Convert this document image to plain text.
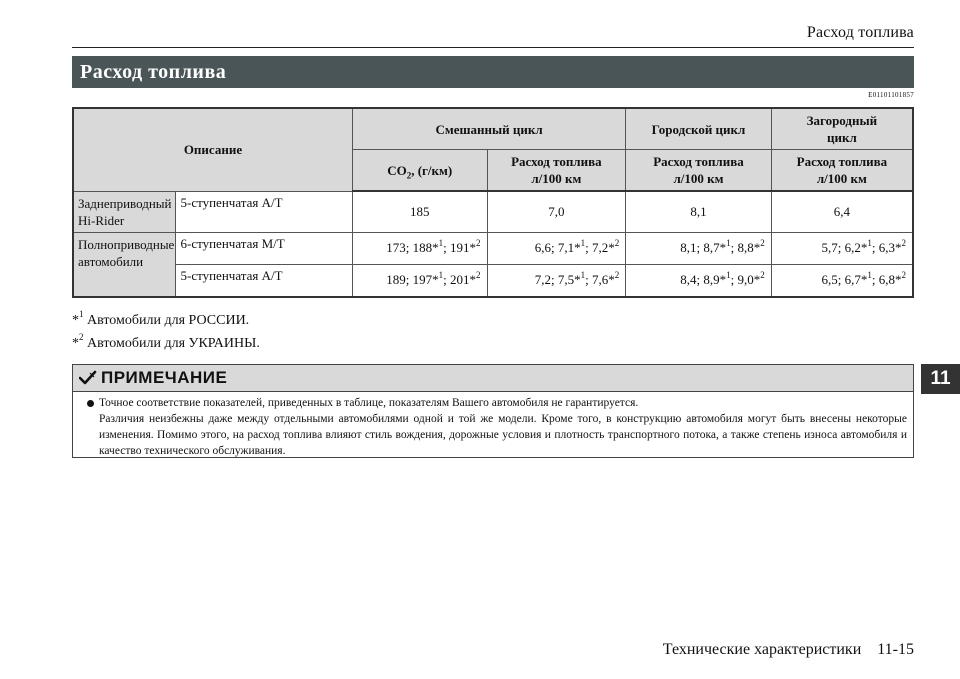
Расход топлива
Расход топлива
E01101101857
Описание		Смешанный цикл		Городской цикл	Загородный цикл
		$CO_2$, (г/км)	Расход топлива л/100 км	Расход топлива л/100 км	Расход топлива л/100 км
Заднеприводный Hi-Rider	5-ступенчатая А/Т	185	7,0	8,1	6,4
Полноприводные автомобили	6-ступенчатая М/Т	173; 188*$^1$; 191*$^2$	6,6; 7,1*$^1$; 7,2*$^2$	8,1; 8,7*$^1$; 8,8*$^2$	5,7; 6,2*$^1$; 6,3*$^2$
	5-ступенчатая А/Т	189; 197*$^1$; 201*$^2$	7,2; 7,5*$^1$; 7,6*$^2$	8,4; 8,9*$^1$; 9,0*$^2$	6,5; 6,7*$^1$; 6,8*$^2$
*$^1$ Автомобили для РОССИИ.
*$^2$ Автомобили для УКРАИНЫ.
ПРИМЕЧАНИЕ
Точное соответствие показателей, приведенных в таблице, показателям Вашего автомобиля не гарантируется.
Различия неизбежны даже между отдельными автомобилями одной и той же модели. Кроме того, в конструкцию автомобиля могут быть внесены некоторые изменения. Помимо этого, на расход топлива влияют стиль вождения, дорожные условия и плотность транспортного потока, а также степень износа автомобиля и качество технического обслуживания.
11
Технические характеристики 11-15
